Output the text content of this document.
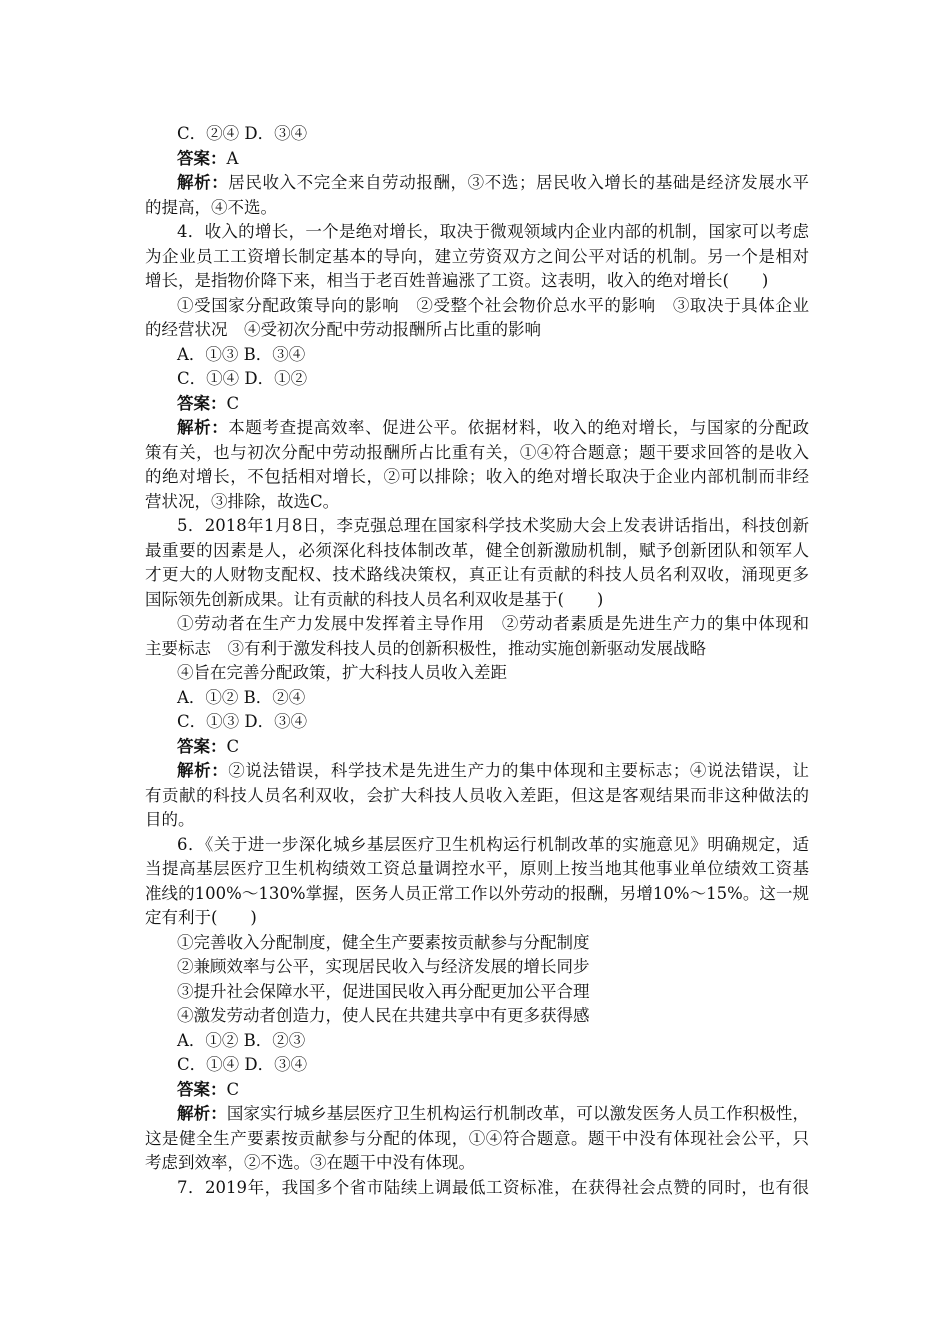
C．②④ D．③④
答案：A
解析：居民收入不完全来自劳动报酬，③不选；居民收入增长的基础是经济发展水平
的提高，④不选。
4．收入的增长，一个是绝对增长，取决于微观领域内企业内部的机制，国家可以考虑
为企业员工工资增长制定基本的导向，建立劳资双方之间公平对话的机制。另一个是相对
增长，是指物价降下来，相当于老百姓普遍涨了工资。这表明，收入的绝对增长(　　)
①受国家分配政策导向的影响　②受整个社会物价总水平的影响　③取决于具体企业
的经营状况　④受初次分配中劳动报酬所占比重的影响
A．①③ B．③④
C．①④ D．①②
答案：C
解析：本题考查提高效率、促进公平。依据材料，收入的绝对增长，与国家的分配政
策有关，也与初次分配中劳动报酬所占比重有关，①④符合题意；题干要求回答的是收入
的绝对增长，不包括相对增长，②可以排除；收入的绝对增长取决于企业内部机制而非经
营状况，③排除，故选C。
5．2018年1月8日，李克强总理在国家科学技术奖励大会上发表讲话指出，科技创新
最重要的因素是人，必须深化科技体制改革，健全创新激励机制，赋予创新团队和领军人
才更大的人财物支配权、技术路线决策权，真正让有贡献的科技人员名利双收，涌现更多
国际领先创新成果。让有贡献的科技人员名利双收是基于(　　)
①劳动者在生产力发展中发挥着主导作用　②劳动者素质是先进生产力的集中体现和
主要标志　③有利于激发科技人员的创新积极性，推动实施创新驱动发展战略
④旨在完善分配政策，扩大科技人员收入差距
A．①② B．②④
C．①③ D．③④
答案：C
解析：②说法错误，科学技术是先进生产力的集中体现和主要标志；④说法错误，让
有贡献的科技人员名利双收，会扩大科技人员收入差距，但这是客观结果而非这种做法的
目的。
6．《关于进一步深化城乡基层医疗卫生机构运行机制改革的实施意见》明确规定，适
当提高基层医疗卫生机构绩效工资总量调控水平，原则上按当地其他事业单位绩效工资基
准线的100%～130%掌握，医务人员正常工作以外劳动的报酬，另增10%～15%。这一规
定有利于(　　)
①完善收入分配制度，健全生产要素按贡献参与分配制度
②兼顾效率与公平，实现居民收入与经济发展的增长同步
③提升社会保障水平，促进国民收入再分配更加公平合理
④激发劳动者创造力，使人民在共建共享中有更多获得感
A．①② B．②③
C．①④ D．③④
答案：C
解析：国家实行城乡基层医疗卫生机构运行机制改革，可以激发医务人员工作积极性，
这是健全生产要素按贡献参与分配的体现，①④符合题意。题干中没有体现社会公平，只
考虑到效率，②不选。③在题干中没有体现。
7．2019年，我国多个省市陆续上调最低工资标准，在获得社会点赞的同时，也有很
